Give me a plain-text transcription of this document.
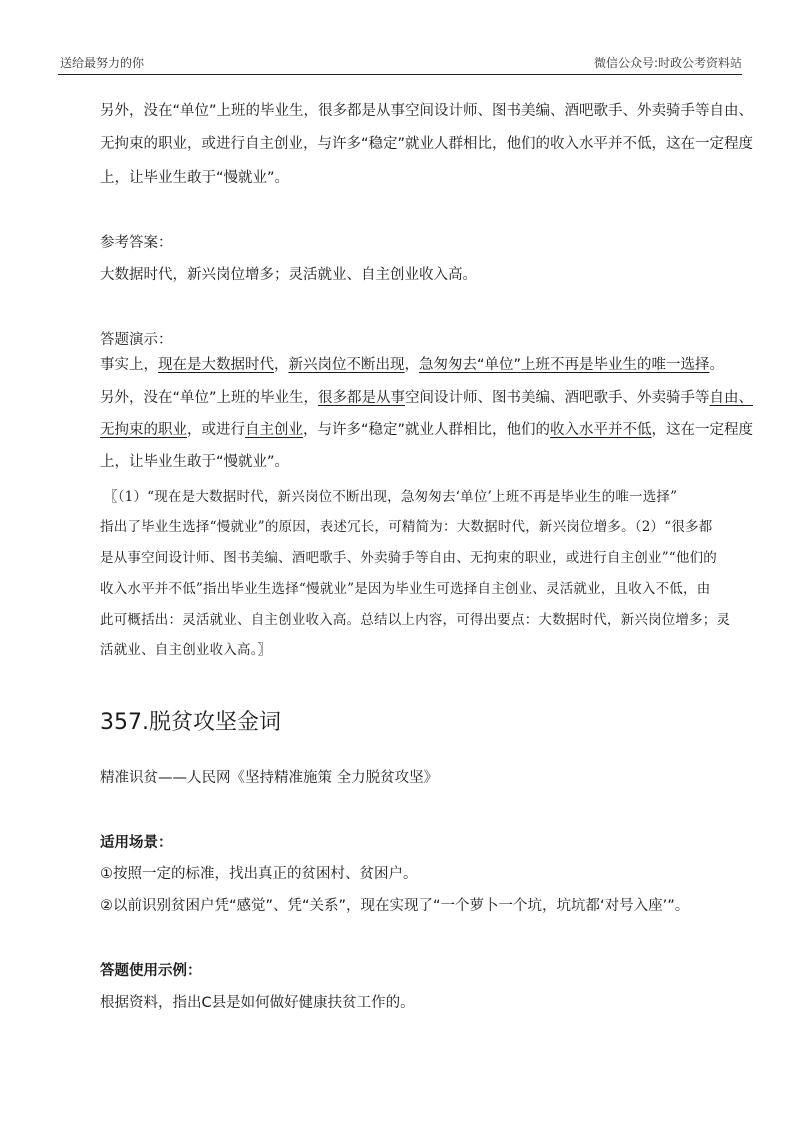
送给最努力的你	微信公众号:时政公考资料站
另外，没在“单位”上班的毕业生，很多都是从事空间设计师、图书美编、酒吧歌手、外卖骑手等自由、
无拘束的职业，或进行自主创业，与许多“稳定”就业人群相比，他们的收入水平并不低，这在一定程度
上，让毕业生敢于“慢就业”。
参考答案：
大数据时代，新兴岗位增多；灵活就业、自主创业收入高。
答题演示：
事实上，现在是大数据时代，新兴岗位不断出现，急匆匆去“单位”上班不再是毕业生的唯一选择。
另外，没在“单位”上班的毕业生，很多都是从事空间设计师、图书美编、酒吧歌手、外卖骑手等自由、
无拘束的职业，或进行自主创业，与许多“稳定”就业人群相比，他们的收入水平并不低，这在一定程度
上，让毕业生敢于“慢就业”。
〖（1）“现在是大数据时代，新兴岗位不断出现，急匆匆去‘单位’上班不再是毕业生的唯一选择”
指出了毕业生选择“慢就业”的原因，表述冗长，可精简为：大数据时代，新兴岗位增多。（2）“很多都
是从事空间设计师、图书美编、酒吧歌手、外卖骑手等自由、无拘束的职业，或进行自主创业”“他们的
收入水平并不低”指出毕业生选择“慢就业”是因为毕业生可选择自主创业、灵活就业，且收入不低，由
此可概括出：灵活就业、自主创业收入高。总结以上内容，可得出要点：大数据时代，新兴岗位增多；灵
活就业、自主创业收入高。〗
357.脱贫攻坚金词
精准识贫——人民网《坚持精准施策 全力脱贫攻坚》
适用场景：
①按照一定的标准，找出真正的贫困村、贫困户。
②以前识别贫困户凭“感觉”、凭“关系”，现在实现了“一个萝卜一个坑，坑坑都‘对号入座’”。
答题使用示例：
根据资料，指出C县是如何做好健康扶贫工作的。
